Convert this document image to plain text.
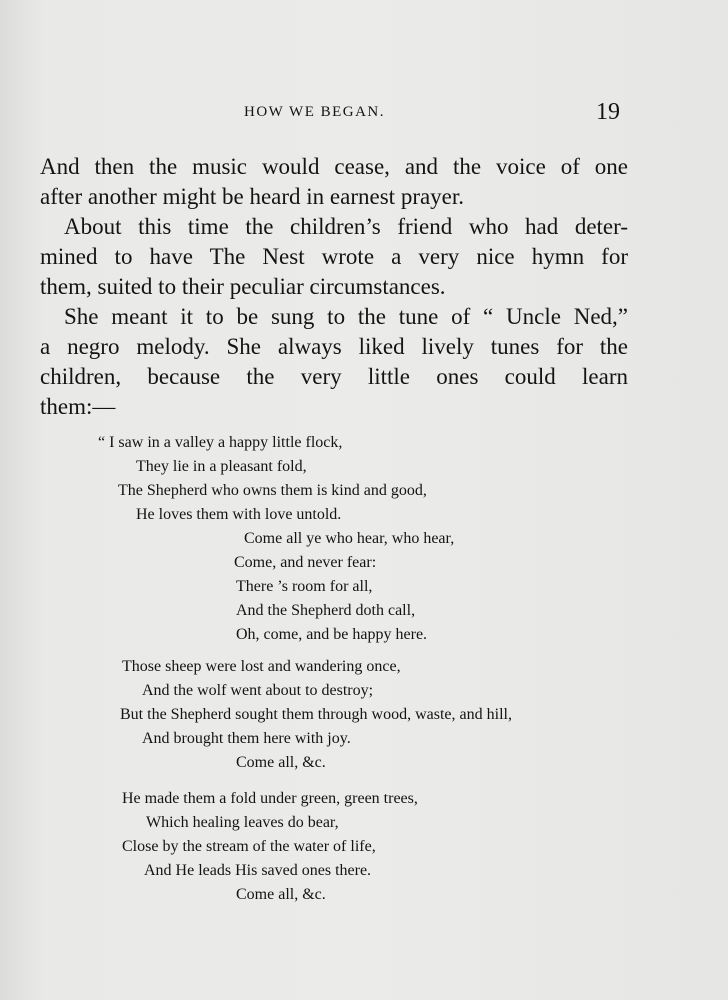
HOW WE BEGAN.	19
And then the music would cease, and the voice of one
after another might be heard in earnest prayer.
About this time the children’s friend who had deter-
mined to have The Nest wrote a very nice hymn for
them, suited to their peculiar circumstances.
She meant it to be sung to the tune of “ Uncle Ned,”
a negro melody. She always liked lively tunes for the
children, because the very little ones could learn
them:—
“ I saw in a valley a happy little flock,
They lie in a pleasant fold,
The Shepherd who owns them is kind and good,
He loves them with love untold.
Come all ye who hear, who hear,
Come, and never fear:
There ’s room for all,
And the Shepherd doth call,
Oh, come, and be happy here.
Those sheep were lost and wandering once,
And the wolf went about to destroy;
But the Shepherd sought them through wood, waste, and hill,
And brought them here with joy.
Come all, &c.
He made them a fold under green, green trees,
Which healing leaves do bear,
Close by the stream of the water of life,
And He leads His saved ones there.
Come all, &c.
